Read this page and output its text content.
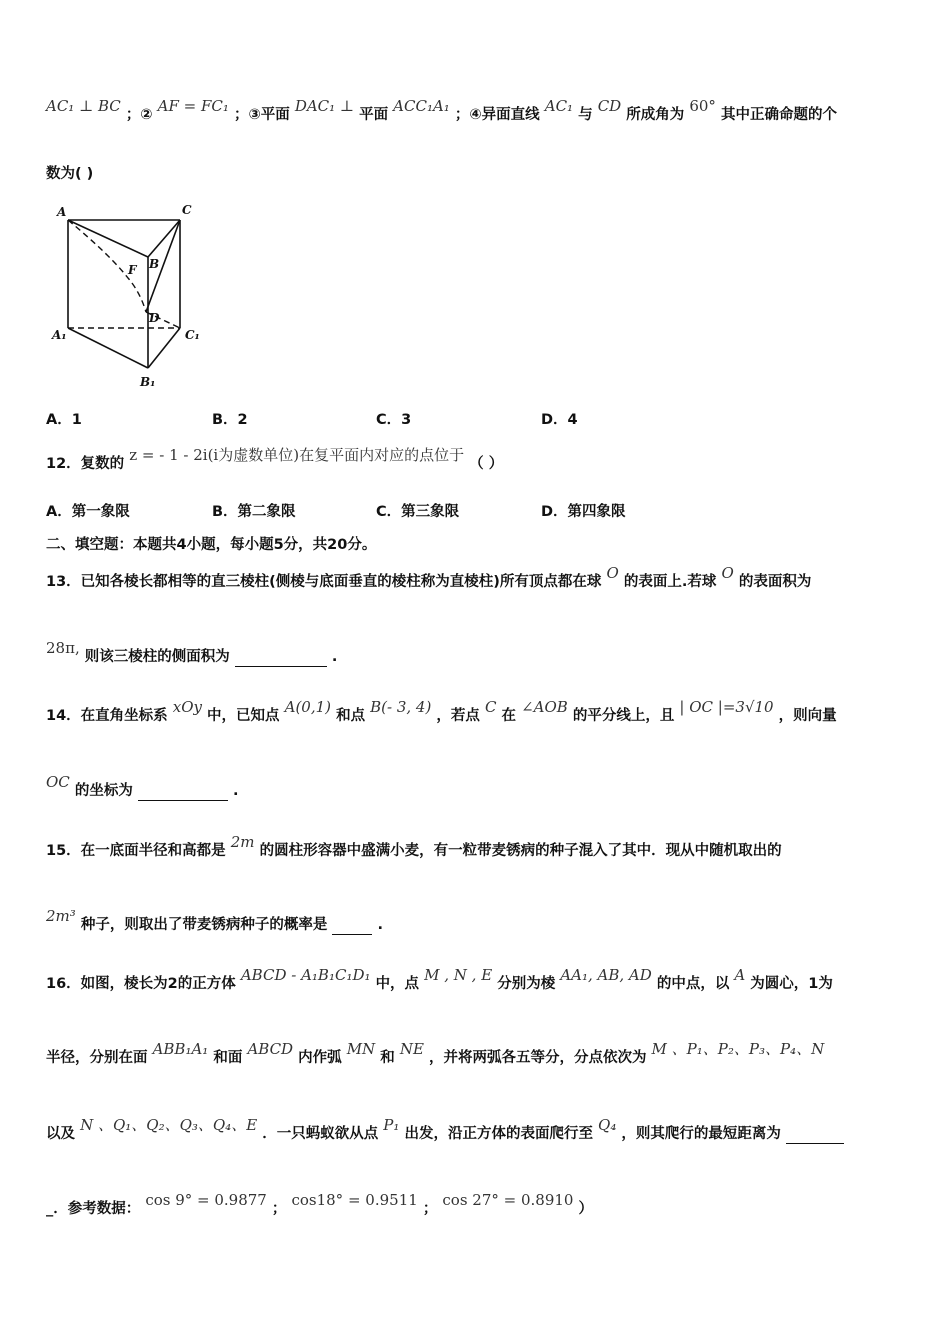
AC₁ ⊥ BC ；② AF = FC₁ ；③平面 DAC₁ ⊥ 平面 ACC₁A₁ ；④异面直线 AC₁ 与 CD 所成角为 60° 其中正确命题的个
数为( )
A	C
B
F
D
A₁	C₁
B₁
A．1	B．2	C．3	D．4
12．复数的 z = - 1 - 2i(i为虚数单位)在复平面内对应的点位于 （ ）
A．第一象限	B．第二象限	C．第三象限	D．第四象限
二、填空题：本题共4小题，每小题5分，共20分。
13．已知各棱长都相等的直三棱柱(侧棱与底面垂直的棱柱称为直棱柱)所有顶点都在球 O 的表面上.若球 O 的表面积为
28π, 则该三棱柱的侧面积为	.
14．在直角坐标系 xOy 中，已知点 A(0,1) 和点 B(- 3, 4) ，若点 C 在 ∠AOB 的平分线上，且 | OC |=3√10 ，则向量
OC 的坐标为	.
15．在一底面半径和高都是 2m 的圆柱形容器中盛满小麦，有一粒带麦锈病的种子混入了其中．现从中随机取出的
2m³ 种子，则取出了带麦锈病种子的概率是	.
16．如图，棱长为2的正方体 ABCD - A₁B₁C₁D₁ 中，点 M , N , E 分别为棱 AA₁, AB, AD 的中点，以 A 为圆心，1为
半径，分别在面 ABB₁A₁ 和面 ABCD 内作弧 MN 和 NE ，并将两弧各五等分，分点依次为 M 、P₁、P₂、P₃、P₄、N
以及 N 、Q₁、Q₂、Q₃、Q₄、E ．一只蚂蚁欲从点 P₁ 出发，沿正方体的表面爬行至 Q₄ ，则其爬行的最短距离为
_．参考数据： cos 9° = 0.9877 ； cos18° = 0.9511 ； cos 27° = 0.8910 ）
